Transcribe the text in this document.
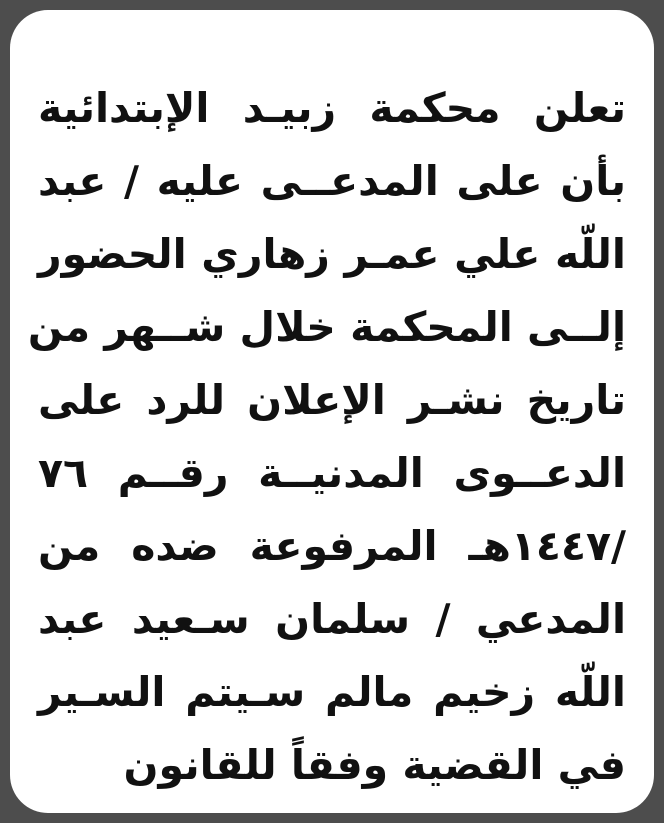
تعلن محكمة زبيـد الإبتدائية
بأن على المدعــى عليه / عبد
اللّه علي عمـر زهاري الحضور
إلــى المحكمة خلال شــهر من
تاريخ نشـر الإعلان للرد على
الدعــوى المدنيــة رقــم ٧٦
/١٤٤٧هـ المرفوعة ضده من
المدعي / سلمان سـعيد عبد
اللّه زخيم مالم سـيتم السـير
في القضية وفقاً للقانون
